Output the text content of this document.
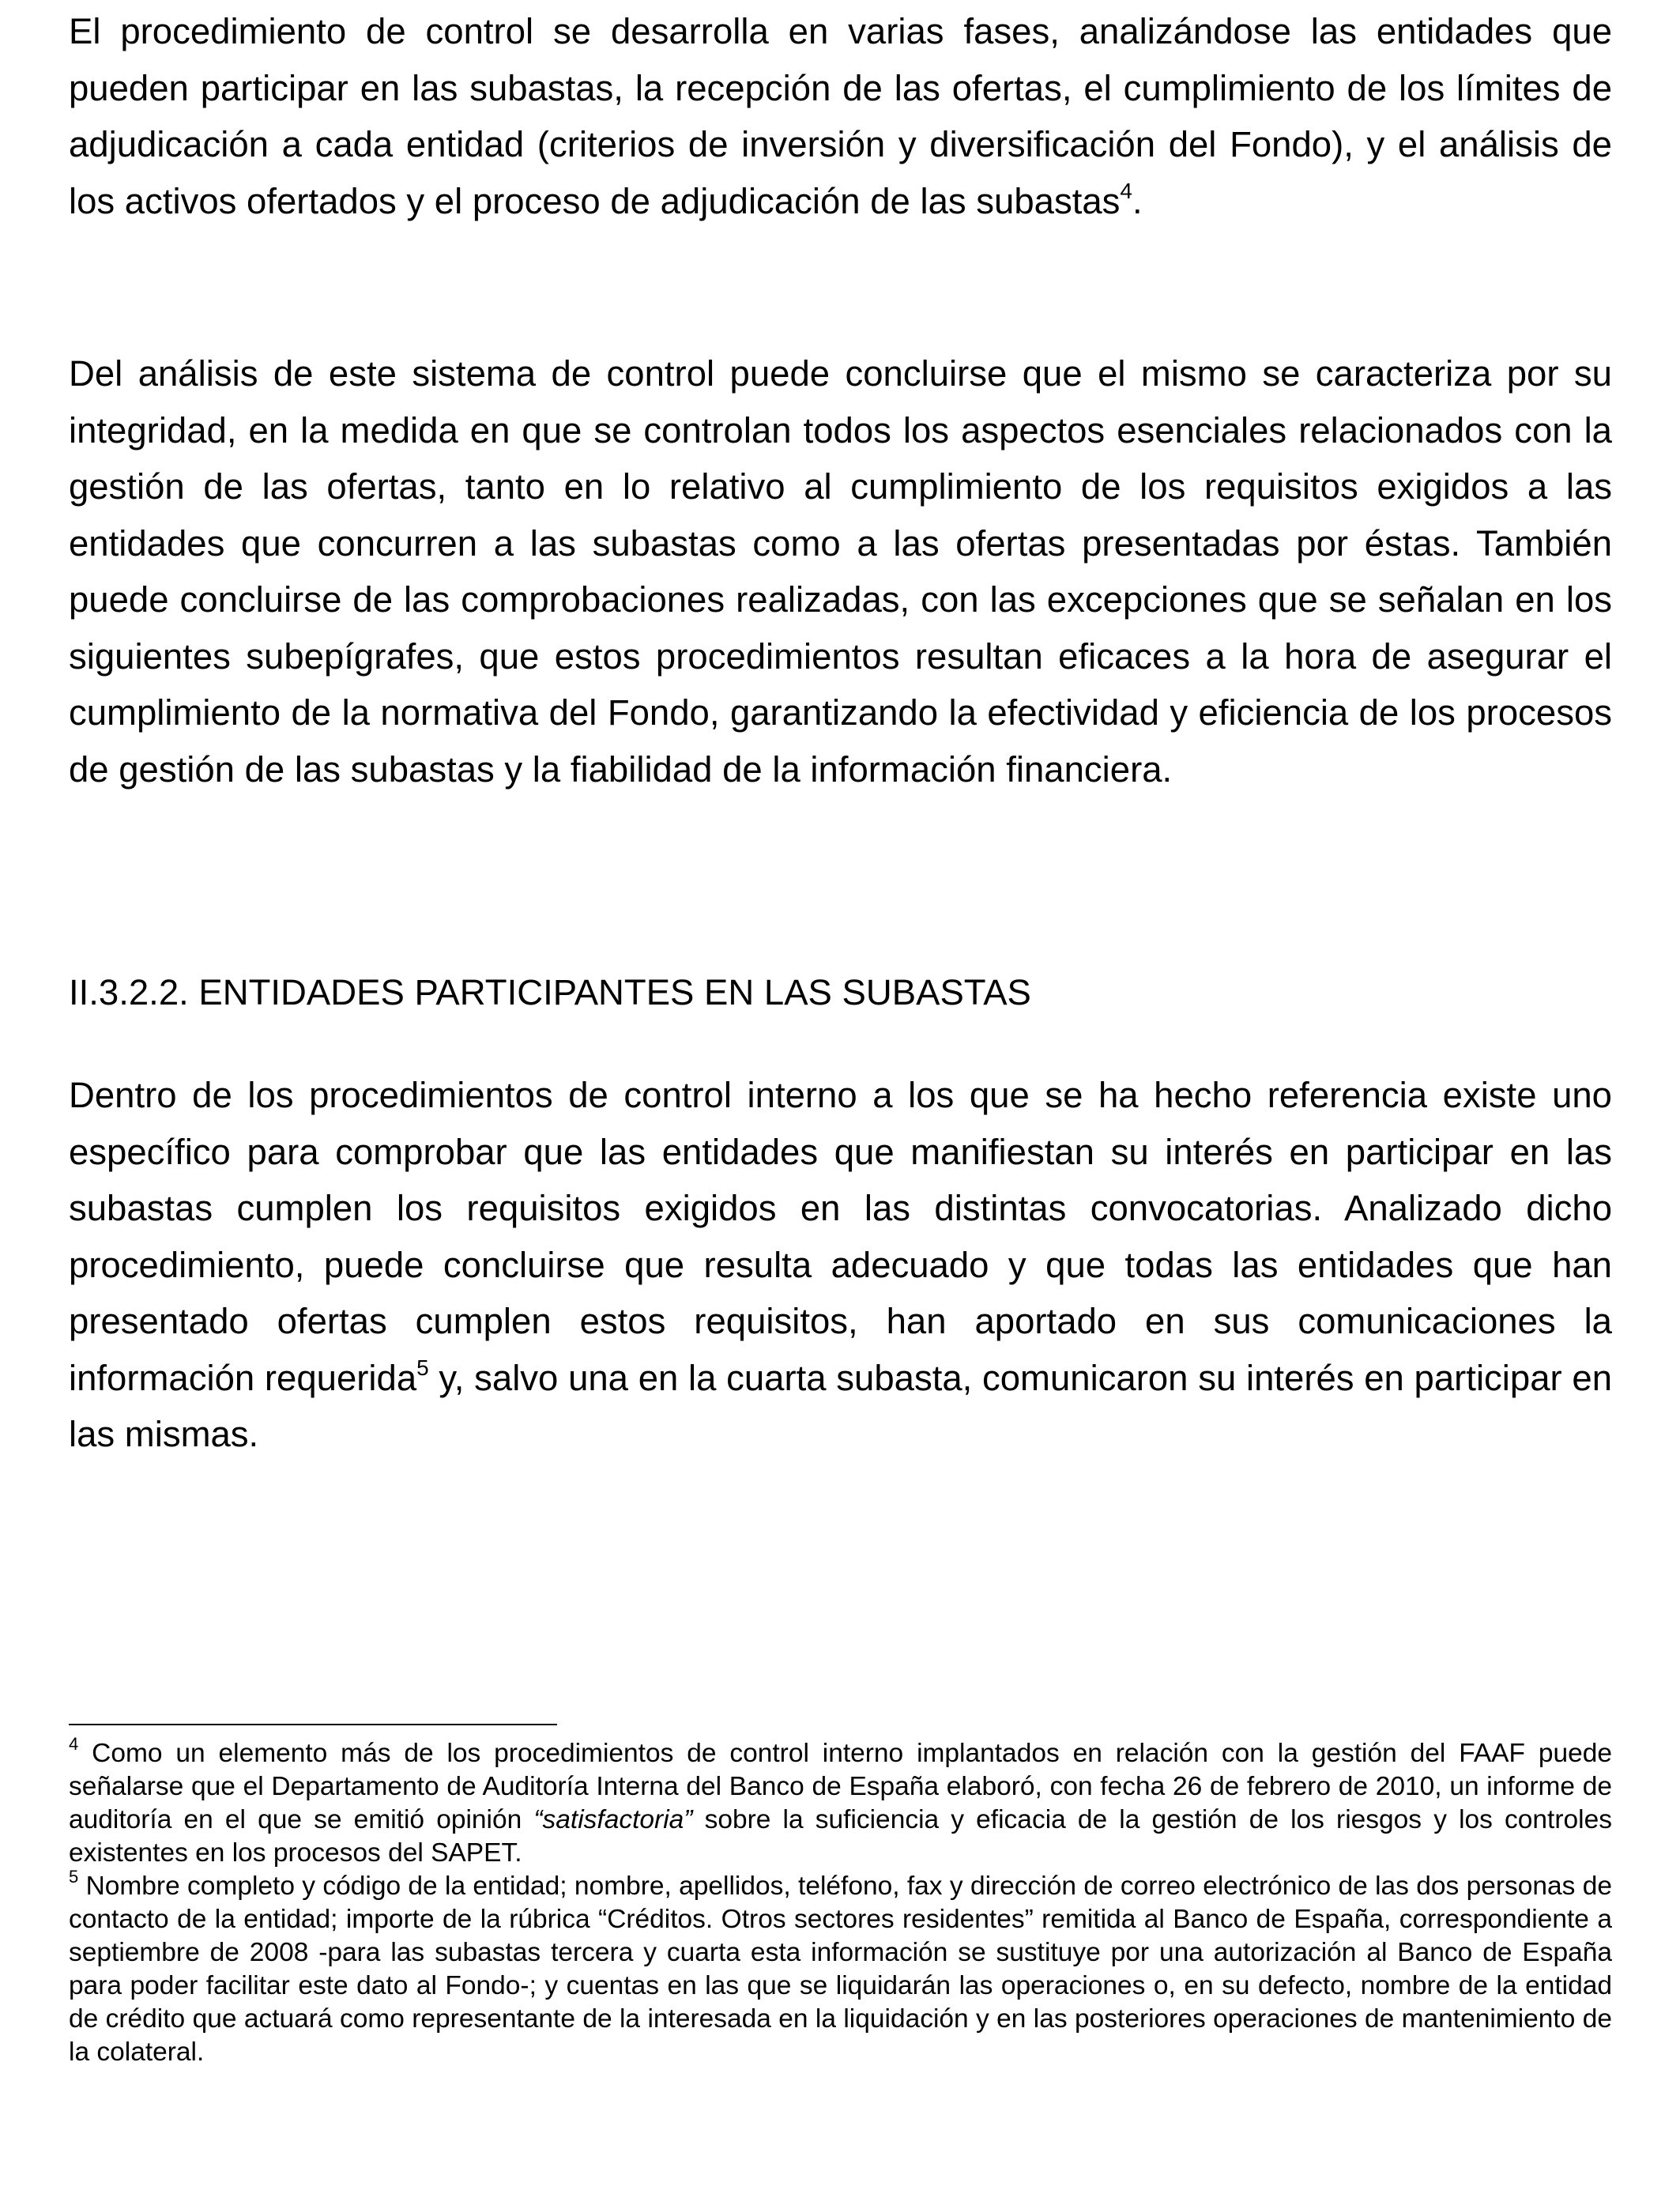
El procedimiento de control se desarrolla en varias fases, analizándose las entidades que pueden participar en las subastas, la recepción de las ofertas, el cumplimiento de los límites de adjudicación a cada entidad (criterios de inversión y diversificación del Fondo), y el análisis de los activos ofertados y el proceso de adjudicación de las subastas$^4$.

Del análisis de este sistema de control puede concluirse que el mismo se caracteriza por su integridad, en la medida en que se controlan todos los aspectos esenciales relacionados con la gestión de las ofertas, tanto en lo relativo al cumplimiento de los requisitos exigidos a las entidades que concurren a las subastas como a las ofertas presentadas por éstas. También puede concluirse de las comprobaciones realizadas, con las excepciones que se señalan en los siguientes subepígrafes, que estos procedimientos resultan eficaces a la hora de asegurar el cumplimiento de la normativa del Fondo, garantizando la efectividad y eficiencia de los procesos de gestión de las subastas y la fiabilidad de la información financiera.

II.3.2.2. ENTIDADES PARTICIPANTES EN LAS SUBASTAS

Dentro de los procedimientos de control interno a los que se ha hecho referencia existe uno específico para comprobar que las entidades que manifiestan su interés en participar en las subastas cumplen los requisitos exigidos en las distintas convocatorias. Analizado dicho procedimiento, puede concluirse que resulta adecuado y que todas las entidades que han presentado ofertas cumplen estos requisitos, han aportado en sus comunicaciones la información requerida$^5$ y, salvo una en la cuarta subasta, comunicaron su interés en participar en las mismas.

$^4$ Como un elemento más de los procedimientos de control interno implantados en relación con la gestión del FAAF puede señalarse que el Departamento de Auditoría Interna del Banco de España elaboró, con fecha 26 de febrero de 2010, un informe de auditoría en el que se emitió opinión “satisfactoria” sobre la suficiencia y eficacia de la gestión de los riesgos y los controles existentes en los procesos del SAPET.

$^5$ Nombre completo y código de la entidad; nombre, apellidos, teléfono, fax y dirección de correo electrónico de las dos personas de contacto de la entidad; importe de la rúbrica “Créditos. Otros sectores residentes” remitida al Banco de España, correspondiente a septiembre de 2008 -para las subastas tercera y cuarta esta información se sustituye por una autorización al Banco de España para poder facilitar este dato al Fondo-; y cuentas en las que se liquidarán las operaciones o, en su defecto, nombre de la entidad de crédito que actuará como representante de la interesada en la liquidación y en las posteriores operaciones de mantenimiento de la colateral.
